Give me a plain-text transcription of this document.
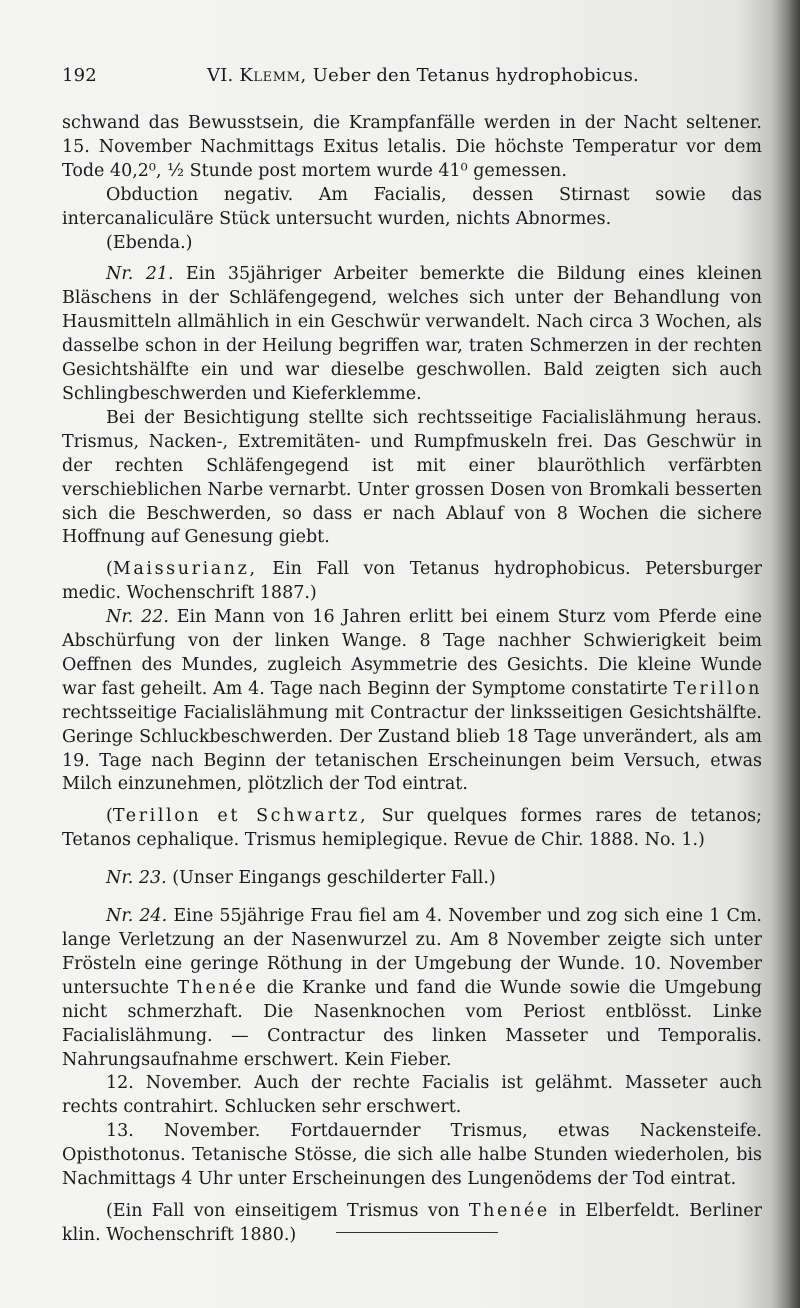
192	VI. Klemm, Ueber den Tetanus hydrophobicus.

schwand das Bewusstsein, die Krampfanfälle werden in der Nacht seltener. 15. November Nachmittags Exitus letalis. Die höchste Temperatur vor dem Tode 40,2⁰, ½ Stunde post mortem wurde 41⁰ gemessen.

Obduction negativ. Am Facialis, dessen Stirnast sowie das intercanaliculäre Stück untersucht wurden, nichts Abnormes.

(Ebenda.)

Nr. 21. Ein 35jähriger Arbeiter bemerkte die Bildung eines kleinen Bläschens in der Schläfengegend, welches sich unter der Behandlung von Hausmitteln allmählich in ein Geschwür verwandelt. Nach circa 3 Wochen, als dasselbe schon in der Heilung begriffen war, traten Schmerzen in der rechten Gesichtshälfte ein und war dieselbe geschwollen. Bald zeigten sich auch Schlingbeschwerden und Kieferklemme.

Bei der Besichtigung stellte sich rechtsseitige Facialislähmung heraus. Trismus, Nacken-, Extremitäten- und Rumpfmuskeln frei. Das Geschwür in der rechten Schläfengegend ist mit einer blauröthlich verfärbten verschieblichen Narbe vernarbt. Unter grossen Dosen von Bromkali besserten sich die Beschwerden, so dass er nach Ablauf von 8 Wochen die sichere Hoffnung auf Genesung giebt.

(Maissurianz, Ein Fall von Tetanus hydrophobicus. Petersburger medic. Wochenschrift 1887.)

Nr. 22. Ein Mann von 16 Jahren erlitt bei einem Sturz vom Pferde eine Abschürfung von der linken Wange. 8 Tage nachher Schwierigkeit beim Oeffnen des Mundes, zugleich Asymmetrie des Gesichts. Die kleine Wunde war fast geheilt. Am 4. Tage nach Beginn der Symptome constatirte Terillon rechtsseitige Facialislähmung mit Contractur der linksseitigen Gesichtshälfte. Geringe Schluckbeschwerden. Der Zustand blieb 18 Tage unverändert, als am 19. Tage nach Beginn der tetanischen Erscheinungen beim Versuch, etwas Milch einzunehmen, plötzlich der Tod eintrat.

(Terillon et Schwartz, Sur quelques formes rares de tetanos; Tetanos cephalique. Trismus hemiplegique. Revue de Chir. 1888. No. 1.)

Nr. 23. (Unser Eingangs geschilderter Fall.)

Nr. 24. Eine 55jährige Frau fiel am 4. November und zog sich eine 1 Cm. lange Verletzung an der Nasenwurzel zu. Am 8 November zeigte sich unter Frösteln eine geringe Röthung in der Umgebung der Wunde. 10. November untersuchte Thenée die Kranke und fand die Wunde sowie die Umgebung nicht schmerzhaft. Die Nasenknochen vom Periost entblösst. Linke Facialislähmung. — Contractur des linken Masseter und Temporalis. Nahrungsaufnahme erschwert. Kein Fieber.

12. November. Auch der rechte Facialis ist gelähmt. Masseter auch rechts contrahirt. Schlucken sehr erschwert.

13. November. Fortdauernder Trismus, etwas Nackensteife. Opisthotonus. Tetanische Stösse, die sich alle halbe Stunden wiederholen, bis Nachmittags 4 Uhr unter Erscheinungen des Lungenödems der Tod eintrat.

(Ein Fall von einseitigem Trismus von Thenée in Elberfeldt. Berliner klin. Wochenschrift 1880.)
